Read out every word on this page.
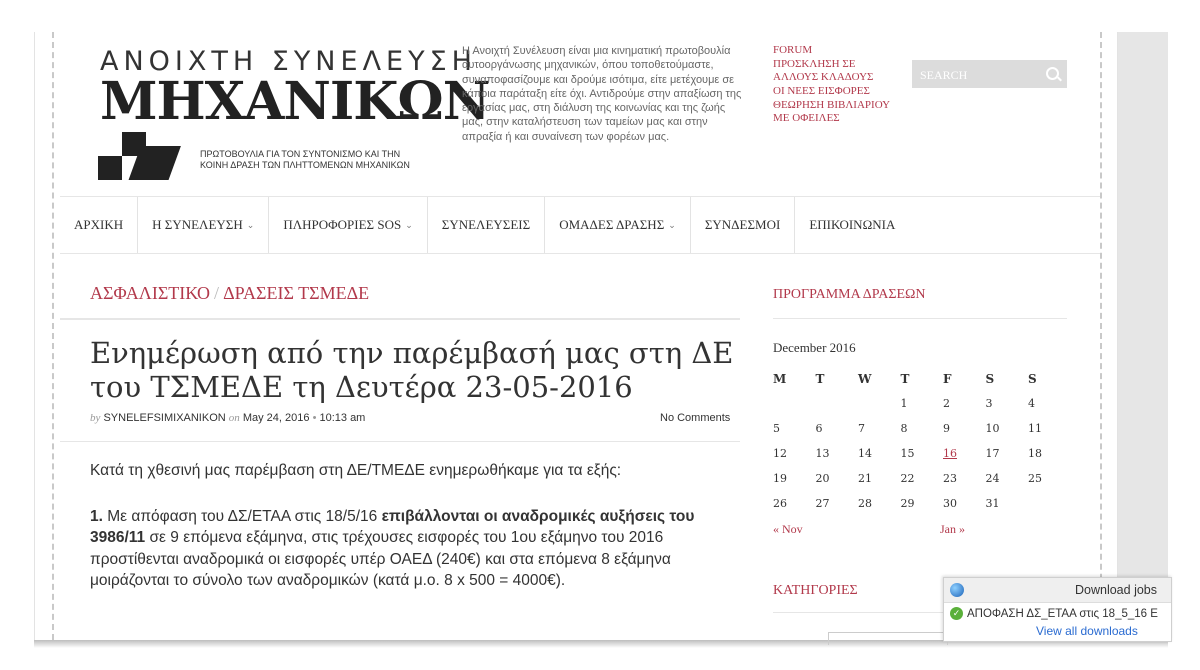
ΑΝΟΙΧΤΗ ΣΥΝΕΛΕΥΣΗ
ΜΗΧΑΝΙΚΩΝ
ΠΡΩΤΟΒΟΥΛΙΑ ΓΙΑ ΤΟΝ ΣΥΝΤΟΝΙΣΜΟ ΚΑΙ ΤΗΝ
ΚΟΙΝΗ ΔΡΑΣΗ ΤΩΝ ΠΛΗΤΤΟΜΕΝΩΝ ΜΗΧΑΝΙΚΩΝ
Η Ανοιχτή Συνέλευση είναι μια κινηματική πρωτοβουλία αυτοοργάνωσης μηχανικών, όπου τοποθετούμαστε, συναποφασίζουμε και δρούμε ισότιμα, είτε μετέχουμε σε κάποια παράταξη είτε όχι. Αντιδρούμε στην απαξίωση της εργασίας μας, στη διάλυση της κοινωνίας και της ζωής μας, στην καταλήστευση των ταμείων μας και στην απραξία ή και συναίνεση των φορέων μας.
FORUM
ΠΡΟΣΚΛΗΣΗ ΣΕ ΑΛΛΟΥΣ ΚΛΑΔΟΥΣ
ΟΙ ΝΕΕΣ ΕΙΣΦΟΡΕΣ
ΘΕΩΡΗΣΗ ΒΙΒΛΙΑΡΙΟΥ ΜΕ ΟΦΕΙΛΕΣ
SEARCH
ΑΡΧΙΚΗ Η ΣΥΝΕΛΕΥΣΗ ⌄ ΠΛΗΡΟΦΟΡΙΕΣ SOS ⌄ ΣΥΝΕΛΕΥΣΕΙΣ ΟΜΑΔΕΣ ΔΡΑΣΗΣ ⌄ ΣΥΝΔΕΣΜΟΙ ΕΠΙΚΟΙΝΩΝΙΑ
ΑΣΦΑΛΙΣΤΙΚΟ / ΔΡΑΣΕΙΣ ΤΣΜΕΔΕ
Ενημέρωση από την παρέμβασή μας στη ΔΕ του ΤΣΜΕΔΕ τη Δευτέρα 23-05-2016
by SYNELEFSIMIXANIKON on May 24, 2016 • 10:13 am	No Comments

Κατά τη χθεσινή μας παρέμβαση στη ΔΕ/ΤΜΕΔΕ ενημερωθήκαμε για τα εξής:

1. Με απόφαση του ΔΣ/ΕΤΑΑ στις 18/5/16 επιβάλλονται οι αναδρομικές αυξήσεις του 3986/11 σε 9 επόμενα εξάμηνα, στις τρέχουσες εισφορές του 1ου εξάμηνο του 2016 προστίθενται αναδρομικά οι εισφορές υπέρ ΟΑΕΔ (240€) και στα επόμενα 8 εξάμηνα μοιράζονται το σύνολο των αναδρομικών (κατά μ.ο. 8 x 500 = 4000€).

ΠΡΟΓΡΑΜΜΑ ΔΡΑΣΕΩΝ
December 2016
M	T	W	T	F	S	S
			1	2	3	4
5	6	7	8	9	10	11
12	13	14	15	16	17	18
19	20	21	22	23	24	25
26	27	28	29	30	31	
« Nov	Jan »
ΚΑΤΗΓΟΡΙΕΣ	Download jobs
✓ ΑΠΟΦΑΣΗ ΔΣ_ΕΤΑΑ στις 18_5_16 Ε
View all downloads
